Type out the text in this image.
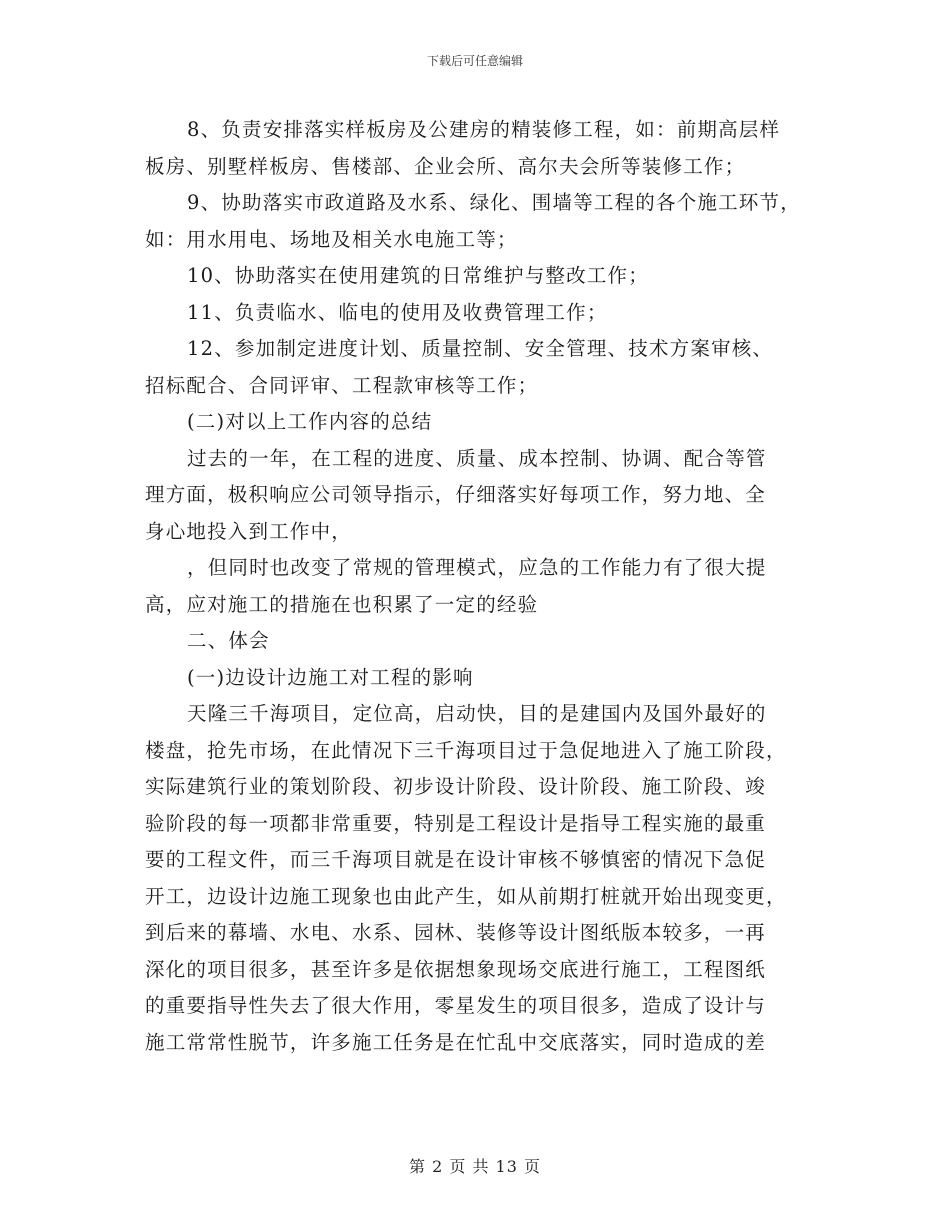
下载后可任意编辑
8、负责安排落实样板房及公建房的精装修工程，如：前期高层样
板房、别墅样板房、售楼部、企业会所、高尔夫会所等装修工作；
9、协助落实市政道路及水系、绿化、围墙等工程的各个施工环节，
如：用水用电、场地及相关水电施工等；
10、协助落实在使用建筑的日常维护与整改工作；
11、负责临水、临电的使用及收费管理工作；
12、参加制定进度计划、质量控制、安全管理、技术方案审核、
招标配合、合同评审、工程款审核等工作；
(二)对以上工作内容的总结
过去的一年，在工程的进度、质量、成本控制、协调、配合等管
理方面，极积响应公司领导指示，仔细落实好每项工作，努力地、全
身心地投入到工作中，
，但同时也改变了常规的管理模式，应急的工作能力有了很大提
高，应对施工的措施在也积累了一定的经验
二、体会
(一)边设计边施工对工程的影响
天隆三千海项目，定位高，启动快，目的是建国内及国外最好的
楼盘，抢先市场，在此情况下三千海项目过于急促地进入了施工阶段，
实际建筑行业的策划阶段、初步设计阶段、设计阶段、施工阶段、竣
验阶段的每一项都非常重要，特别是工程设计是指导工程实施的最重
要的工程文件，而三千海项目就是在设计审核不够慎密的情况下急促
开工，边设计边施工现象也由此产生，如从前期打桩就开始出现变更，
到后来的幕墙、水电、水系、园林、装修等设计图纸版本较多，一再
深化的项目很多，甚至许多是依据想象现场交底进行施工，工程图纸
的重要指导性失去了很大作用，零星发生的项目很多，造成了设计与
施工常常性脱节，许多施工任务是在忙乱中交底落实，同时造成的差
第 2 页 共 13 页
